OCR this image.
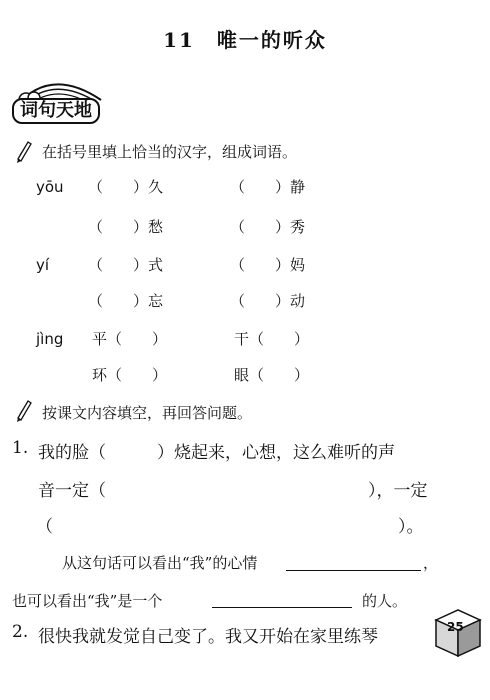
11　唯一的听众
词句天地
在括号里填上恰当的汉字，组成词语。
yōu （　　）久	（　　）静
（　　）愁	（　　）秀
yí	（　　）式	（　　）妈
（　　）忘	（　　）动
jìng 平（　　）	干（　　）
环（　　）	眼（　　）
按课文内容填空，再回答问题。
1. 我的脸（　　　）烧起来，心想，这么难听的声
音一定（	），一定
（	）。
从这句话可以看出“我”的心情	，
也可以看出“我”是一个	的人。
2. 很快我就发觉自己变了。我又开始在家里练琴	25
